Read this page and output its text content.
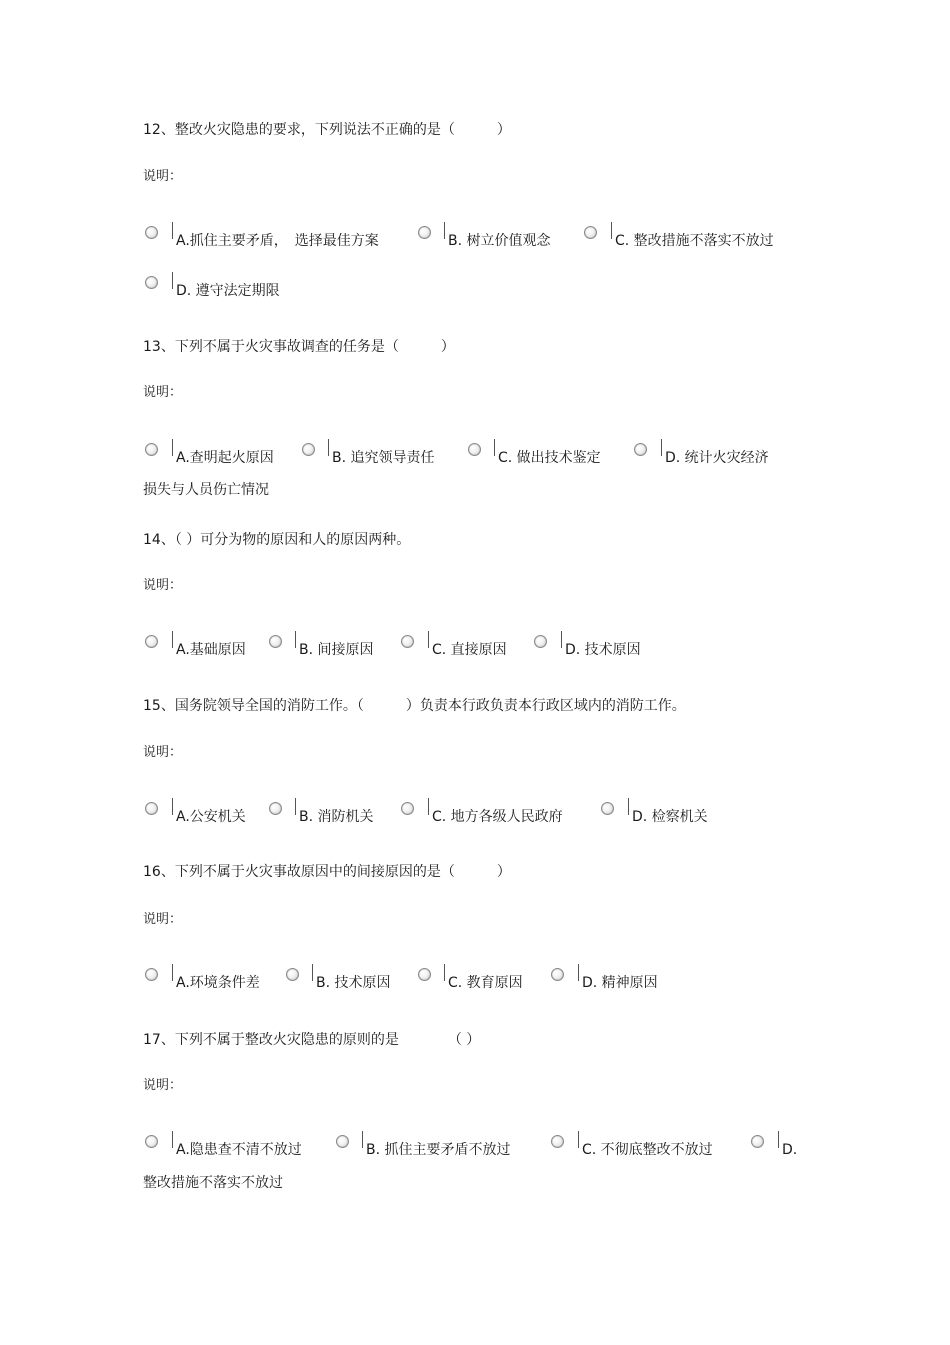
12、整改火灾隐患的要求，下列说法不正确的是（　　　）
说明：
A.抓住主要矛盾，　选择最佳方案	B. 树立价值观念	C. 整改措施不落实不放过
D. 遵守法定期限
13、下列不属于火灾事故调查的任务是（　　　）
说明：
A.查明起火原因	B. 追究领导责任	C. 做出技术鉴定	D. 统计火灾经济
损失与人员伤亡情况
14、（ ）可分为物的原因和人的原因两种。
说明：
A.基础原因	B. 间接原因	C. 直接原因	D. 技术原因
15、国务院领导全国的消防工作。（　　　）负责本行政负责本行政区域内的消防工作。
说明：
A.公安机关	B. 消防机关	C. 地方各级人民政府	D. 检察机关
16、下列不属于火灾事故原因中的间接原因的是（　　　）
说明：
A.环境条件差	B. 技术原因	C. 教育原因	D. 精神原因
17、下列不属于整改火灾隐患的原则的是　　　　（ ）
说明：
A.隐患查不清不放过	B. 抓住主要矛盾不放过	C. 不彻底整改不放过	D.
整改措施不落实不放过
